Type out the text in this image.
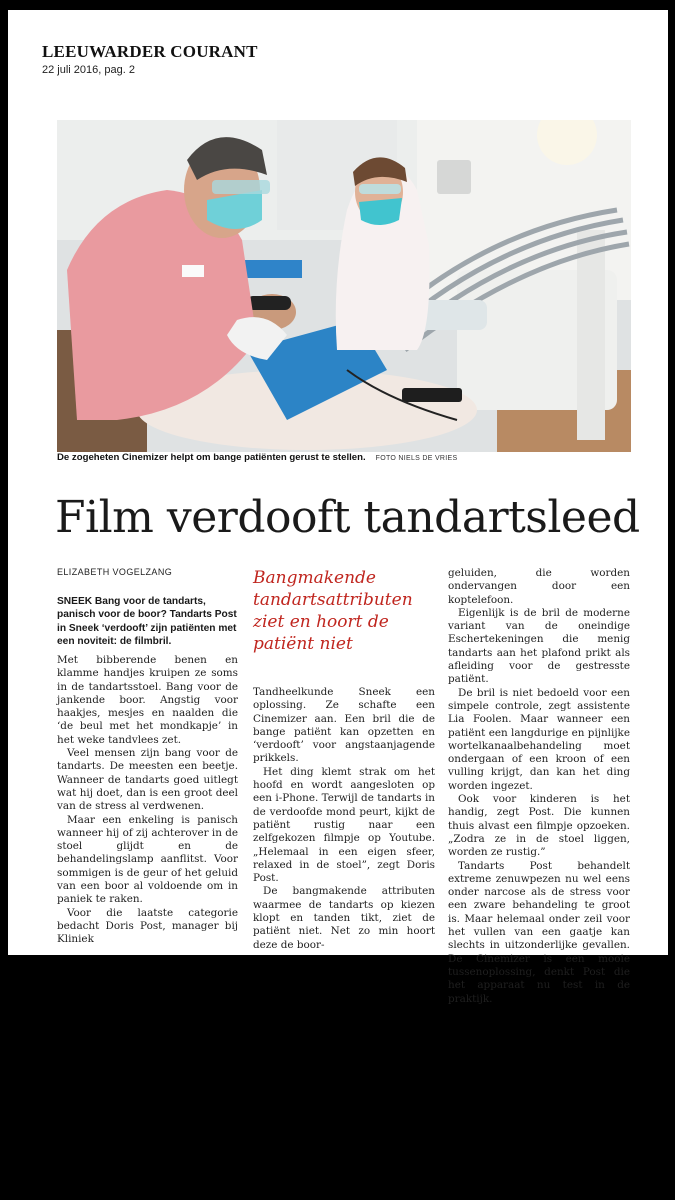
LEEUWARDER COURANT
22 juli 2016, pag. 2
De zogeheten Cinemizer helpt om bange patiënten gerust te stellen. FOTO NIELS DE VRIES
Film verdooft tandartsleed
ELIZABETH VOGELZANG
SNEEK Bang voor de tandarts, panisch voor de boor? Tandarts Post in Sneek ‘verdooft’ zijn patiënten met een noviteit: de filmbril.
Bangmakende tandartsattributen ziet en hoort de patiënt niet

Met bibberende benen en klamme handjes kruipen ze soms in de tandartsstoel. Bang voor de jankende boor. Angstig voor haakjes, mesjes en naalden die ‘de beul met het mondkapje’ in het weke tandvlees zet.

Veel mensen zijn bang voor de tandarts. De meesten een beetje. Wanneer de tandarts goed uitlegt wat hij doet, dan is een groot deel van de stress al verdwenen.

Maar een enkeling is panisch wanneer hij of zij achterover in de stoel glijdt en de behandelingslamp aanflitst. Voor sommigen is de geur of het geluid van een boor al voldoende om in paniek te raken.

Voor die laatste categorie bedacht Doris Post, manager bij Kliniek

Tandheelkunde Sneek een oplossing. Ze schafte een Cinemizer aan. Een bril die de bange patiënt kan opzetten en ‘verdooft’ voor angstaanjagende prikkels.

Het ding klemt strak om het hoofd en wordt aangesloten op een i-Phone. Terwijl de tandarts in de verdoofde mond peurt, kijkt de patiënt rustig naar een zelfgekozen filmpje op Youtube. „Helemaal in een eigen sfeer, relaxed in de stoel”, zegt Doris Post.

De bangmakende attributen waarmee de tandarts op kiezen klopt en tanden tikt, ziet de patiënt niet. Net zo min hoort deze de boor-

geluiden, die worden ondervangen door een koptelefoon.

Eigenlijk is de bril de moderne variant van de oneindige Eschertekeningen die menig tandarts aan het plafond prikt als afleiding voor de gestresste patiënt.

De bril is niet bedoeld voor een simpele controle, zegt assistente Lia Foolen. Maar wanneer een patiënt een langdurige en pijnlijke wortelkanaalbehandeling moet ondergaan of een kroon of een vulling krijgt, dan kan het ding worden ingezet.

Ook voor kinderen is het handig, zegt Post. Die kunnen thuis alvast een filmpje opzoeken. „Zodra ze in de stoel liggen, worden ze rustig.”

Tandarts Post behandelt extreme zenuwpezen nu wel eens onder narcose als de stress voor een zware behandeling te groot is. Maar helemaal onder zeil voor het vullen van een gaatje kan slechts in uitzonderlijke gevallen. De Cinemizer is een mooie tussenoplossing, denkt Post die het apparaat nu test in de praktijk.
